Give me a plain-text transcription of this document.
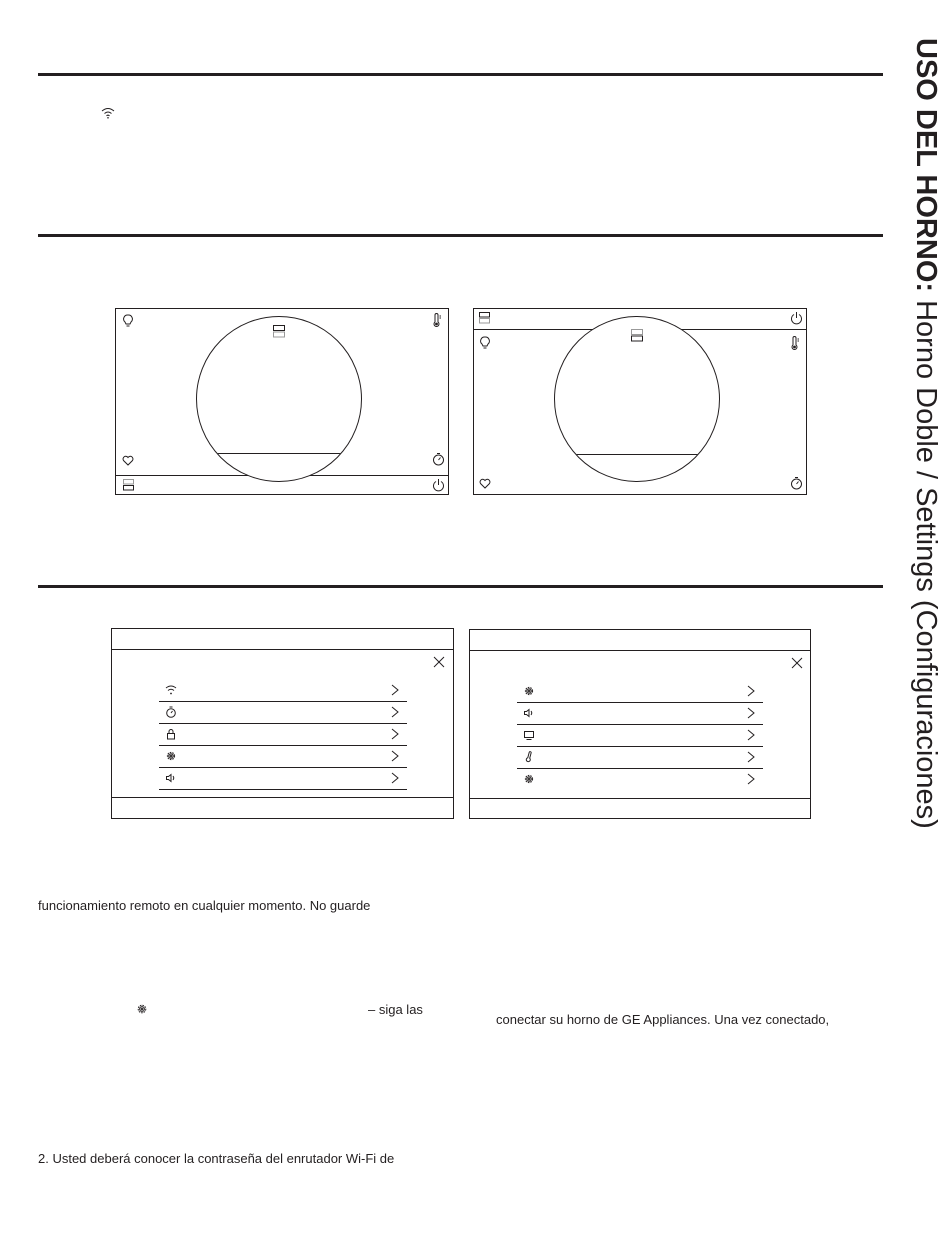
USO DEL HORNO: Horno Doble / Settings (Configuraciones)
funcionamiento remoto en cualquier momento. No guarde
– siga las
conectar su horno de GE Appliances. Una vez conectado,
2. Usted deberá conocer la contraseña del enrutador Wi-Fi de
